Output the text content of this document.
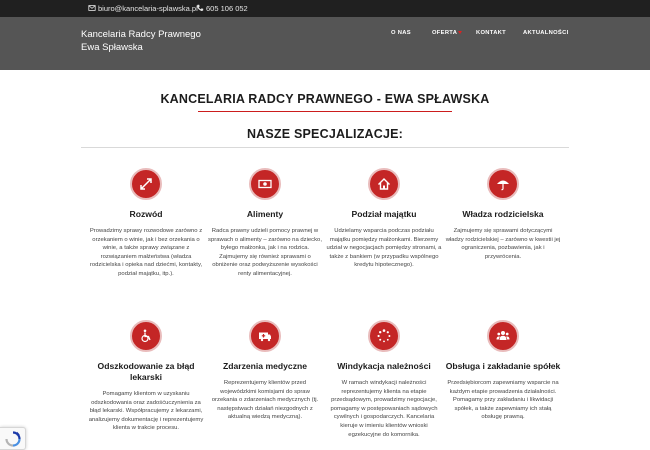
biuro@kancelaria-splawska.pl	605 106 052
Kancelaria Radcy Prawnego
Ewa Spławska
O NAS	OFERTA	KONTAKT	AKTUALNOŚCI
KANCELARIA RADCY PRAWNEGO - EWA SPŁAWSKA
NASZE SPECJALIZACJE:
Rozwód

Prowadzimy sprawy rozwodowe zarówno z orzekaniem o winie, jak i bez orzekania o winie, a także sprawy związane z rozwiązaniem małżeństwa (władza rodzicielska i opieka nad dziećmi, kontakty, podział majątku, itp.).

Alimenty

Radca prawny udzieli pomocy prawnej w sprawach o alimenty – zarówno na dziecko, byłego małżonka, jak i na rodzica. Zajmujemy się również sprawami o obniżenie oraz podwyższenie wysokości renty alimentacyjnej.

Podział majątku

Udzielamy wsparcia podczas podziału majątku pomiędzy małżonkami. Bierzemy udział w negocjacjach pomiędzy stronami, a także z bankiem (w przypadku wspólnego kredytu hipotecznego).

Władza rodzicielska

Zajmujemy się sprawami dotyczącymi władzy rodzicielskiej – zarówno w kwestii jej ograniczenia, pozbawienia, jak i przywrócenia.

Odszkodowanie za błąd lekarski

Pomagamy klientom w uzyskaniu odszkodowania oraz zadośćuczynienia za błąd lekarski. Współpracujemy z lekarzami, analizujemy dokumentację i reprezentujemy klienta w trakcie procesu.

Zdarzenia medyczne

Reprezentujemy klientów przed wojewódzkimi komisjami do spraw orzekania o zdarzeniach medycznych (tj. następstwach działań niezgodnych z aktualną wiedzą medyczną).

Windykacja należności

W ramach windykacji należności reprezentujemy klienta na etapie przedsądowym, prowadzimy negocjacje, pomagamy w postępowaniach sądowych cywilnych i gospodarczych. Kancelaria kieruje w imieniu klientów wnioski egzekucyjne do komornika.

Obsługa i zakładanie spółek

Przedsiębiorcom zapewniamy wsparcie na każdym etapie prowadzenia działalności. Pomagamy przy zakładaniu i likwidacji spółek, a także zapewniamy ich stałą obsługę prawną.
